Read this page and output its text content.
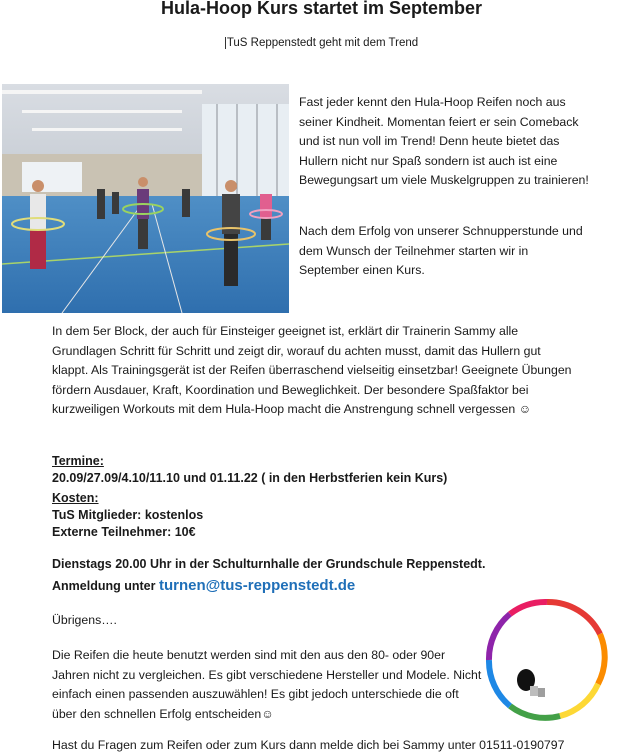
Hula-Hoop Kurs startet im September
TuS Reppenstedt geht mit dem Trend

Fast jeder kennt den Hula-Hoop Reifen noch aus seiner Kindheit. Momentan feiert er sein Comeback und ist nun voll im Trend! Denn heute bietet das Hullern nicht nur Spaß sondern ist auch ist eine Bewegungsart um viele Muskelgruppen zu trainieren!

Nach dem Erfolg von unserer Schnupperstunde und dem Wunsch der Teilnehmer starten wir in September einen Kurs.

In dem 5er Block, der auch für Einsteiger geeignet ist, erklärt dir Trainerin Sammy alle Grundlagen Schritt für Schritt und zeigt dir, worauf du achten musst, damit das Hullern gut klappt. Als Trainingsgerät ist der Reifen überraschend vielseitig einsetzbar! Geeignete Übungen fördern Ausdauer, Kraft, Koordination und Beweglichkeit. Der besondere Spaßfaktor bei kurzweiligen Workouts mit dem Hula-Hoop macht die Anstrengung schnell vergessen ☺

Termine:
20.09/27.09/4.10/11.10 und 01.11.22 ( in den Herbstferien kein Kurs)
Kosten:
TuS Mitglieder: kostenlos
Externe Teilnehmer: 10€
Dienstags 20.00 Uhr in der Schulturnhalle der Grundschule Reppenstedt.
Anmeldung unter turnen@tus-reppenstedt.de

Übrigens….

Die Reifen die heute benutzt werden sind mit den aus den 80- oder 90er Jahren nicht zu vergleichen. Es gibt verschiedene Hersteller und Modele. Nicht einfach einen passenden auszuwählen! Es gibt jedoch unterschiede die oft über den schnellen Erfolg entscheiden☺

Hast du Fragen zum Reifen oder zum Kurs dann melde dich bei Sammy unter 01511-0190797
